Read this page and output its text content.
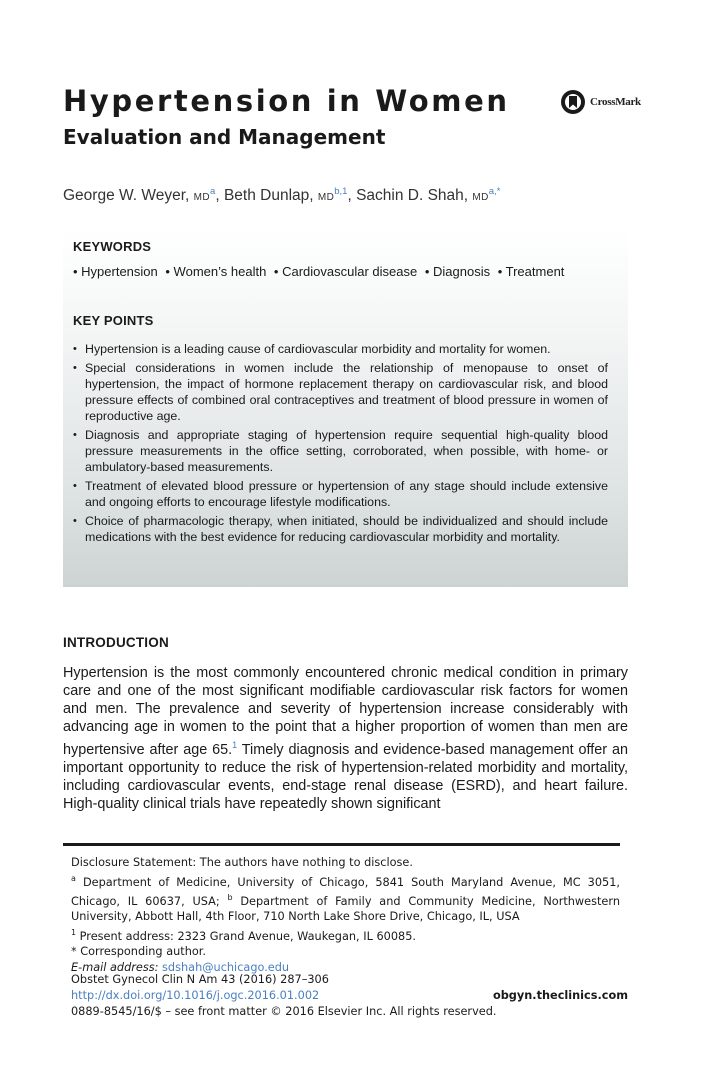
Hypertension in Women
Evaluation and Management
CrossMark
George W. Weyer, $MD^a$, Beth Dunlap, MD$^{b,1}$, Sachin D. Shah, $MD^{a,*}$
KEYWORDS
• Hypertension • Women’s health • Cardiovascular disease • Diagnosis • Treatment
KEY POINTS
• Hypertension is a leading cause of cardiovascular morbidity and mortality for women.
• Special considerations in women include the relationship of menopause to onset of hypertension, the impact of hormone replacement therapy on cardiovascular risk, and blood pressure effects of combined oral contraceptives and treatment of blood pressure in women of reproductive age.
• Diagnosis and appropriate staging of hypertension require sequential high-quality blood pressure measurements in the office setting, corroborated, when possible, with home- or ambulatory-based measurements.
• Treatment of elevated blood pressure or hypertension of any stage should include extensive and ongoing efforts to encourage lifestyle modifications.
• Choice of pharmacologic therapy, when initiated, should be individualized and should include medications with the best evidence for reducing cardiovascular morbidity and mortality.
INTRODUCTION

Hypertension is the most commonly encountered chronic medical condition in primary care and one of the most significant modifiable cardiovascular risk factors for women and men. The prevalence and severity of hypertension increase considerably with advancing age in women to the point that a higher proportion of women than men are hypertensive after age 65.$^1$ Timely diagnosis and evidence-based management offer an important opportunity to reduce the risk of hypertension-related morbidity and mortality, including cardiovascular events, end-stage renal disease (ESRD), and heart failure. High-quality clinical trials have repeatedly shown significant

Disclosure Statement: The authors have nothing to disclose.

$^a$ Department of Medicine, University of Chicago, 5841 South Maryland Avenue, MC 3051, Chicago, IL 60637, USA; $^b$ Department of Family and Community Medicine, Northwestern University, Abbott Hall, 4th Floor, 710 North Lake Shore Drive, Chicago, IL, USA

$^1$ Present address: 2323 Grand Avenue, Waukegan, IL 60085.

* Corresponding author.

E-mail address: sdshah@uchicago.edu

Obstet Gynecol Clin N Am 43 (2016) 287–306
http://dx.doi.org/10.1016/j.ogc.2016.01.002
0889-8545/16/$ – see front matter © 2016 Elsevier Inc. All rights reserved.
obgyn.theclinics.com
